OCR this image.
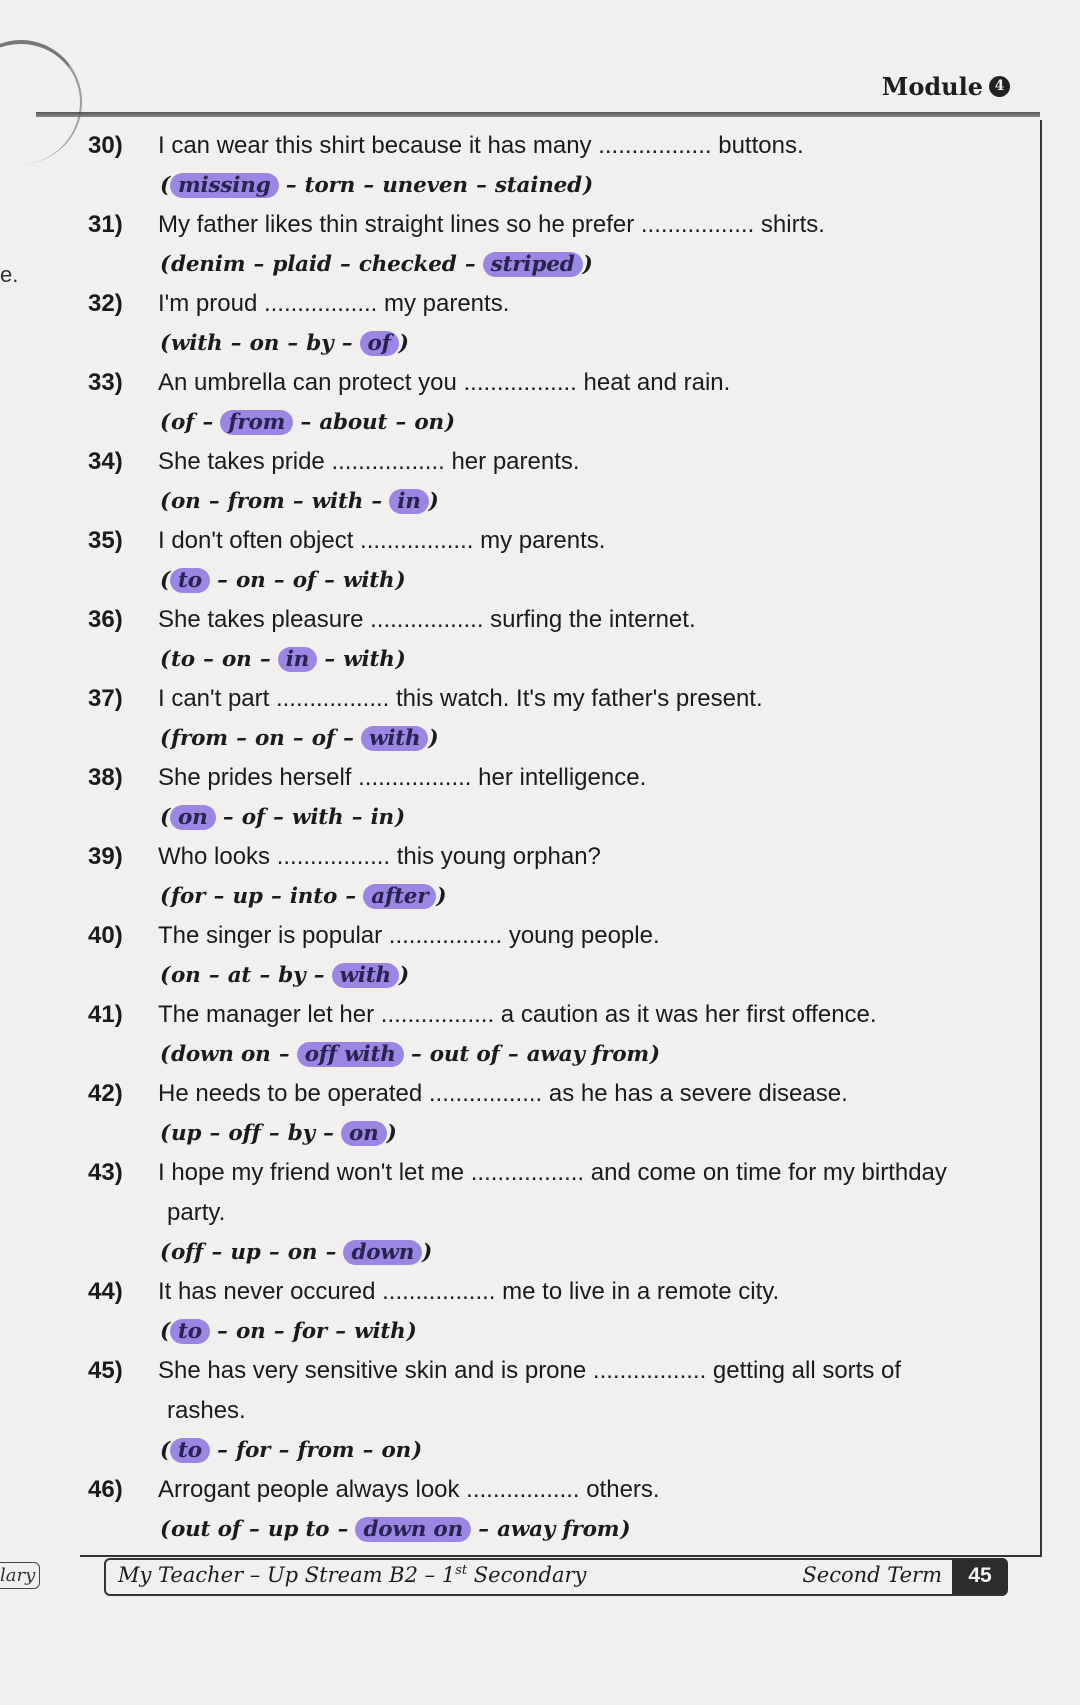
Module 4
e.
30)	I can wear this shirt because it has many ................. buttons.
( missing – torn – uneven – stained)
31)	My father likes thin straight lines so he prefer ................. shirts.
(denim – plaid – checked – striped )
32)	I'm proud ................. my parents.
(with – on – by – of )
33)	An umbrella can protect you ................. heat and rain.
(of – from – about – on)
34)	She takes pride ................. her parents.
(on – from – with – in )
35)	I don't often object ................. my parents.
( to – on – of – with)
36)	She takes pleasure ................. surfing the internet.
(to – on – in – with)
37)	I can't part ................. this watch. It's my father's present.
(from – on – of – with )
38)	She prides herself ................. her intelligence.
( on – of – with – in)
39)	Who looks ................. this young orphan?
(for – up – into – after )
40)	The singer is popular ................. young people.
(on – at – by – with )
41)	The manager let her ................. a caution as it was her first offence.
(down on – off with – out of – away from)
42)	He needs to be operated ................. as he has a severe disease.
(up – off – by – on )
43)	I hope my friend won't let me ................. and come on time for my birthday
party.
(off – up – on – down )
44)	It has never occured ................. me to live in a remote city.
( to – on – for – with)
45)	She has very sensitive skin and is prone ................. getting all sorts of
rashes.
( to – for – from – on)
46)	Arrogant people always look ................. others.
(out of – up to – down on – away from)
lary	My Teacher – Up Stream B2 – 1st Secondary	Second Term	45
